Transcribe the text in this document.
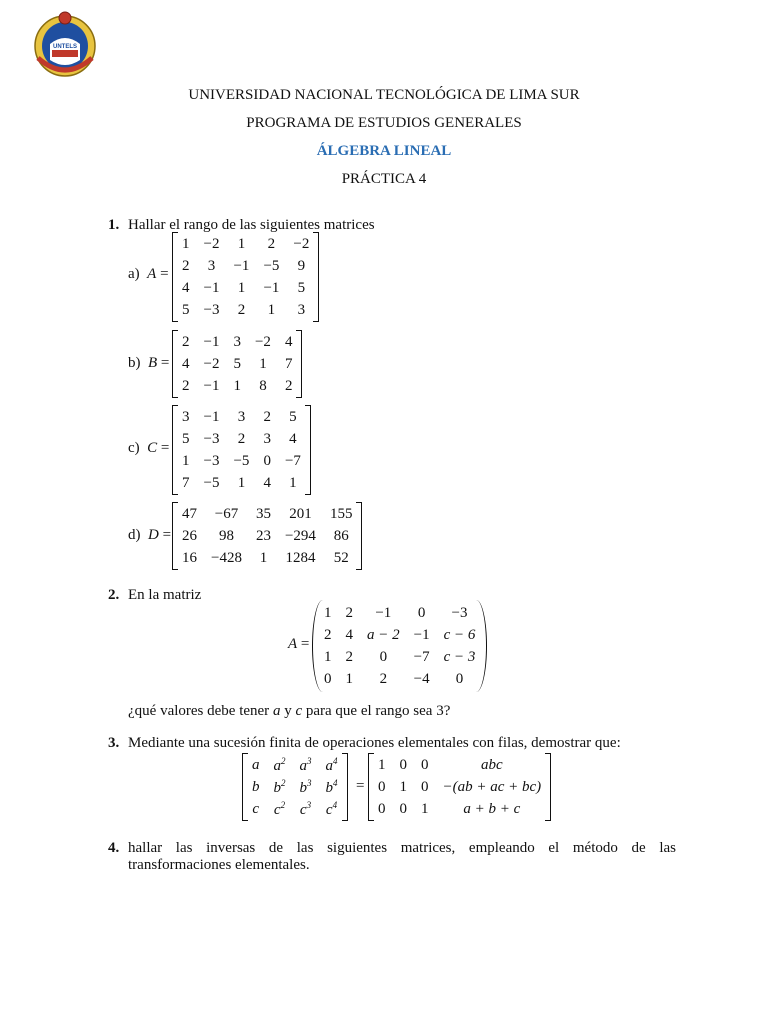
UNTELS
UNIVERSIDAD NACIONAL TECNOLÓGICA DE LIMA SUR
PROGRAMA DE ESTUDIOS GENERALES
ÁLGEBRA LINEAL
PRÁCTICA 4
1. Hallar el rango de las siguientes matrices
a) A =
1	−2	1	2	−2
2	3	−1	−5	9
4	−1	1	−1	5
5	−3	2	1	3
b) B =
2	−1	3	−2	4
4	−2	5	1	7
2	−1	1	8	2
c) C =
3	−1	3	2	5
5	−3	2	3	4
1	−3	−5	0	−7
7	−5	1	4	1
d) D =
47	−67	35	201	155
26	98	23	−294	86
16	−428	1	1284	52
2. En la matriz
A =
1	2	−1	0	−3
2	4	a − 2	−1	c − 6
1	2	0	−7	c − 3
0	1	2	−4	0
¿qué valores debe tener a y c para que el rango sea 3?
3. Mediante una sucesión finita de operaciones elementales con filas, demostrar que:
a	$a^2$	$a^3$	$a^4$
b	$b^2$	$b^3$	$b^4$
c	$c^2$	$c^3$	$c^4$
=
1	0	0	abc
0	1	0	−(ab + ac + bc)
0	0	1	a + b + c
4. hallar las inversas de las siguientes matrices, empleando el método de las
transformaciones elementales.
